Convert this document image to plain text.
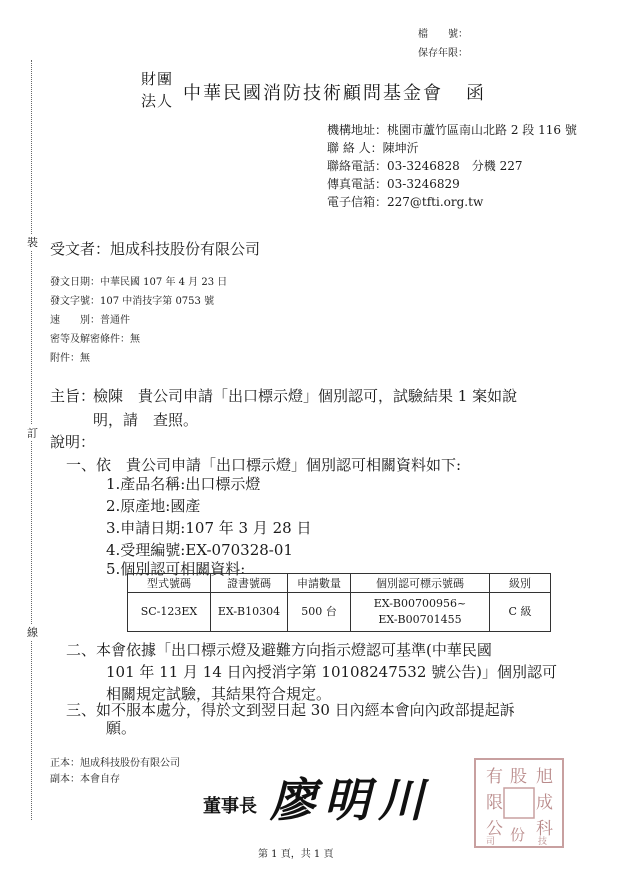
檔　　號：
保存年限：
財團
法人 中華民國消防技術顧問基金會 函
機構地址：桃園市蘆竹區南山北路 2 段 116 號
聯 絡 人：陳坤沂
聯絡電話：03-3246828　分機 227
傳真電話：03-3246829
電子信箱：227@tfti.org.tw
裝
訂
線
受文者：旭成科技股份有限公司
發文日期：中華民國 107 年 4 月 23 日
發文字號：107 中消技字第 0753 號
速　　別：普通件
密等及解密條件：無
附件：無
主旨：
檢陳　貴公司申請「出口標示燈」個別認可，試驗結果 1 案如說
明，請　查照。
說明：
一、依　貴公司申請「出口標示燈」個別認可相關資料如下:
1.產品名稱:出口標示燈
2.原產地:國產
3.申請日期:107 年 3 月 28 日
4.受理編號:EX-070328-01
5.個別認可相關資料:
型式號碼	證書號碼	申請數量	個別認可標示號碼	級別
SC-123EX	EX-B10304	500 台	EX-B00700956~
EX-B00701455	C 級
二、本會依據「出口標示燈及避難方向指示燈認可基準(中華民國
101 年 11 月 14 日內授消字第 10108247532 號公告)」個別認可
相關規定試驗，其結果符合規定。
三、如不服本處分，得於文到翌日起 30 日內經本會向內政部提起訴
願。
正本：旭成科技股份有限公司
副本：本會自存
董事長 廖明川	有 股 旭
限 成
公 科
司 份 技
第 1 頁，共 1 頁
